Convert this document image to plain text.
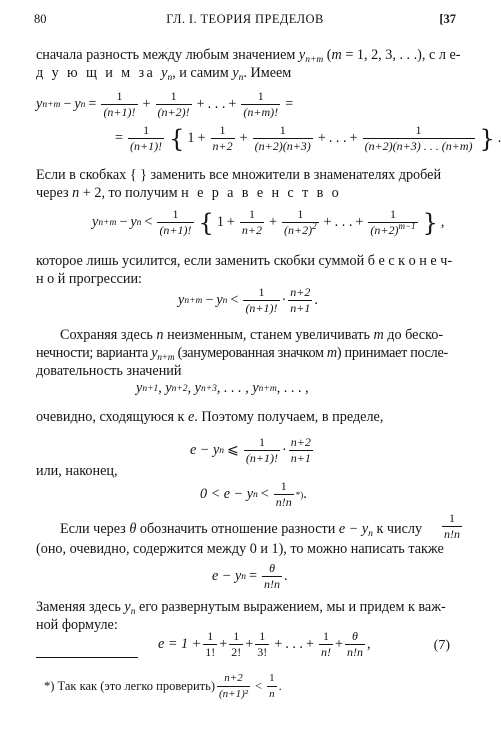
80	ГЛ. I. ТЕОРИЯ ПРЕДЕЛОВ	[37
сначала разность между любым значением $y_{n+m}$ (m = 1, 2, 3, . . .), с л е-
д у ю щ и м за $y_n$, и самим $y_n$. Имеем
y n+m − y $n = \frac{1}{(n+1)!} + \frac{1}{(n+2)!}$ + . . . + $\frac{1}{(n+m)!}$ =
= $\frac{1}{(n+1)!}$ { $1 + \frac{1}{n+2} + \frac{1}{(n+2)(n+3)}$ + . . . + $\frac{1}{(n+2)(n+3) . . . (n+m)}$ } .
Если в скобках { } заменить все множители в знаменателях дробей
через n + 2, то получим н е р а в е н с т в о
y n+m − y $n < \frac{1}{(n+1)!}$ { $1 + \frac{1}{n+2} + \frac{1}{(n+2)^2}$ + . . . + $\frac{1}{(n+2)^{m-1}}$ } ,
которое лишь усилится, если заменить скобки суммой б е с к о н е ч-
н о й прогрессии:
y n+m − y $n < \frac{1}{(n+1)!} \cdot \frac{n+2}{n+1}$ .
Сохраняя здесь n неизменным, станем увеличивать m до беско-
нечности; варианта $y_{n+m}$ (занумерованная значком m) принимает после-
довательность значений
y n+1 , y n+2 , y n+3 , . . . , y n+m , . . . ,
очевидно, сходящуюся к e. Поэтому получаем, в пределе,
e − y n ⩽ $\frac{1}{(n+1)!} \cdot \frac{n+2}{n+1}$
или, наконец,
0 < e − y $n < \frac{1}{n!n}$ *) .
Если через θ обозначить отношение разности $e - y_n$ к числу	$\frac{1}{n!n}$
(оно, очевидно, содержится между 0 и 1), то можно написать также
e − y $n = \frac{\theta}{n!n}$ .
Заменяя здесь $y_n$ его развернутым выражением, мы и придем к важ-
ной формуле:
$e = 1 + \frac{1}{1!} + \frac{1}{2!} + \frac{1}{3!}$ + . . . + $\frac{1}{n!} + \frac{\theta}{n!n}$ ,	(7)
*) Так как (это легко проверить) $\frac{n+2}{\text{(n+1)²}} < \frac{1}{n}$ .
